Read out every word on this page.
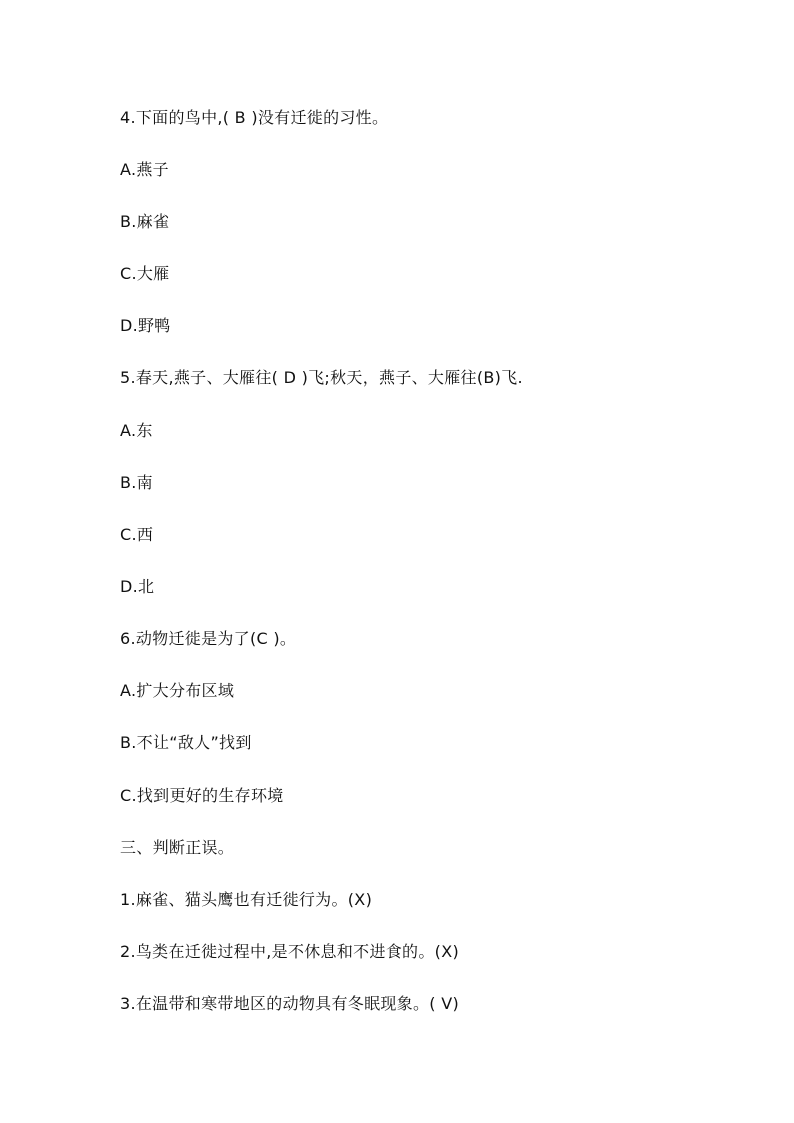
4.下面的鸟中,( B )没有迁徙的习性。
A.燕子
B.麻雀
C.大雁
D.野鸭
5.春天,燕子、大雁往( D )飞;秋天，燕子、大雁往(B)飞.
A.东
B.南
C.西
D.北
6.动物迁徙是为了(C )。
A.扩大分布区域
B.不让“敌人”找到
C.找到更好的生存环境
三、判断正误。
1.麻雀、猫头鹰也有迁徙行为。(X)
2.鸟类在迁徙过程中,是不休息和不进食的。(X)
3.在温带和寒带地区的动物具有冬眠现象。( V)
